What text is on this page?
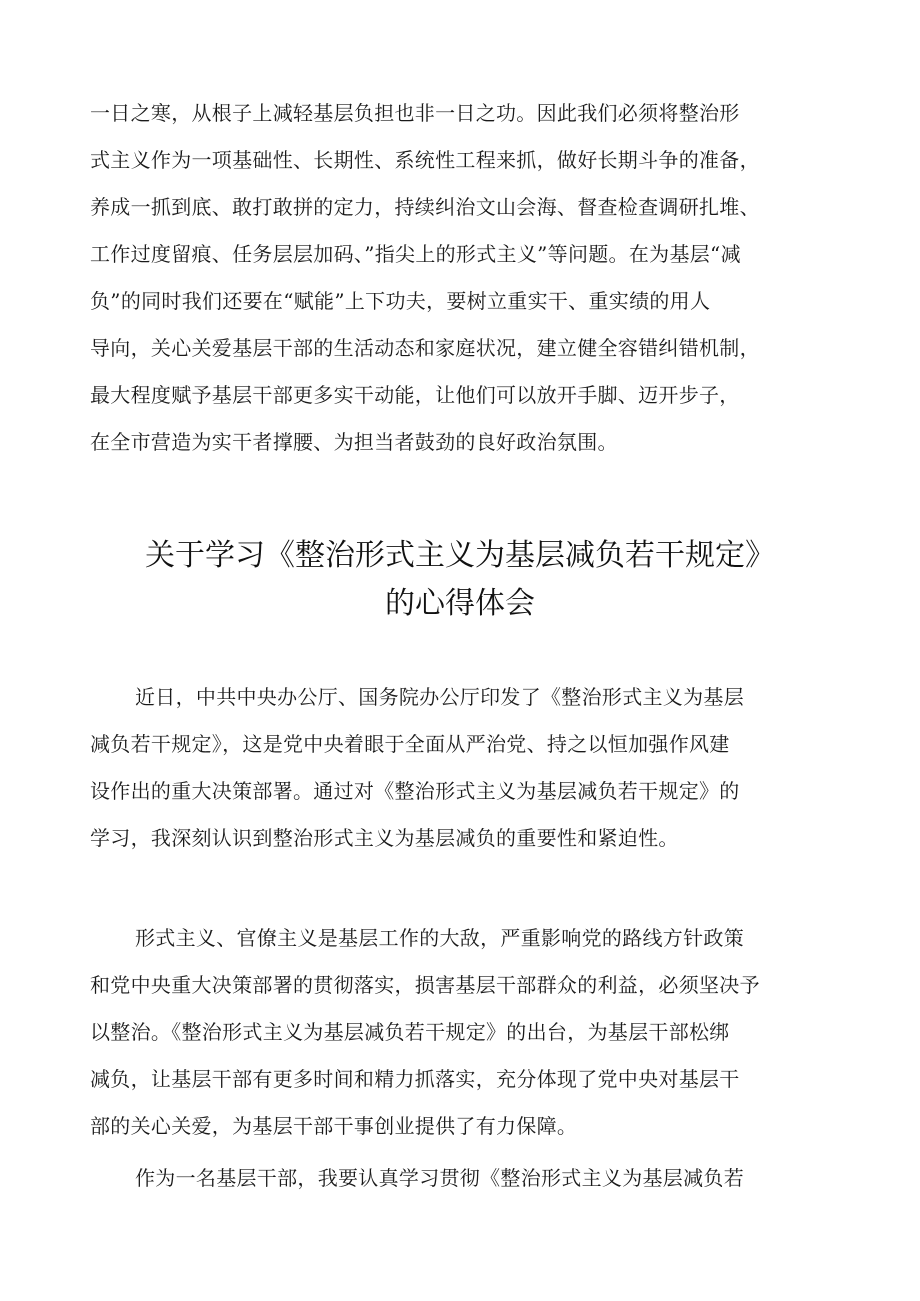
一日之寒，从根子上减轻基层负担也非一日之功。因此我们必须将整治形
式主义作为一项基础性、长期性、系统性工程来抓，做好长期斗争的准备，
养成一抓到底、敢打敢拼的定力，持续纠治文山会海、督查检查调研扎堆、
工作过度留痕、任务层层加码、”指尖上的形式主义”等问题。在为基层“减
负”的同时我们还要在“赋能”上下功夫，要树立重实干、重实绩的用人
导向，关心关爱基层干部的生活动态和家庭状况，建立健全容错纠错机制，
最大程度赋予基层干部更多实干动能，让他们可以放开手脚、迈开步子，
在全市营造为实干者撑腰、为担当者鼓劲的良好政治氛围。
关于学习《整治形式主义为基层减负若干规定》
的心得体会
近日，中共中央办公厅、国务院办公厅印发了《整治形式主义为基层
减负若干规定》，这是党中央着眼于全面从严治党、持之以恒加强作风建
设作出的重大决策部署。通过对《整治形式主义为基层减负若干规定》的
学习，我深刻认识到整治形式主义为基层减负的重要性和紧迫性。
形式主义、官僚主义是基层工作的大敌，严重影响党的路线方针政策
和党中央重大决策部署的贯彻落实，损害基层干部群众的利益，必须坚决予
以整治。《整治形式主义为基层减负若干规定》的出台，为基层干部松绑
减负，让基层干部有更多时间和精力抓落实，充分体现了党中央对基层干
部的关心关爱，为基层干部干事创业提供了有力保障。
作为一名基层干部，我要认真学习贯彻《整治形式主义为基层减负若
